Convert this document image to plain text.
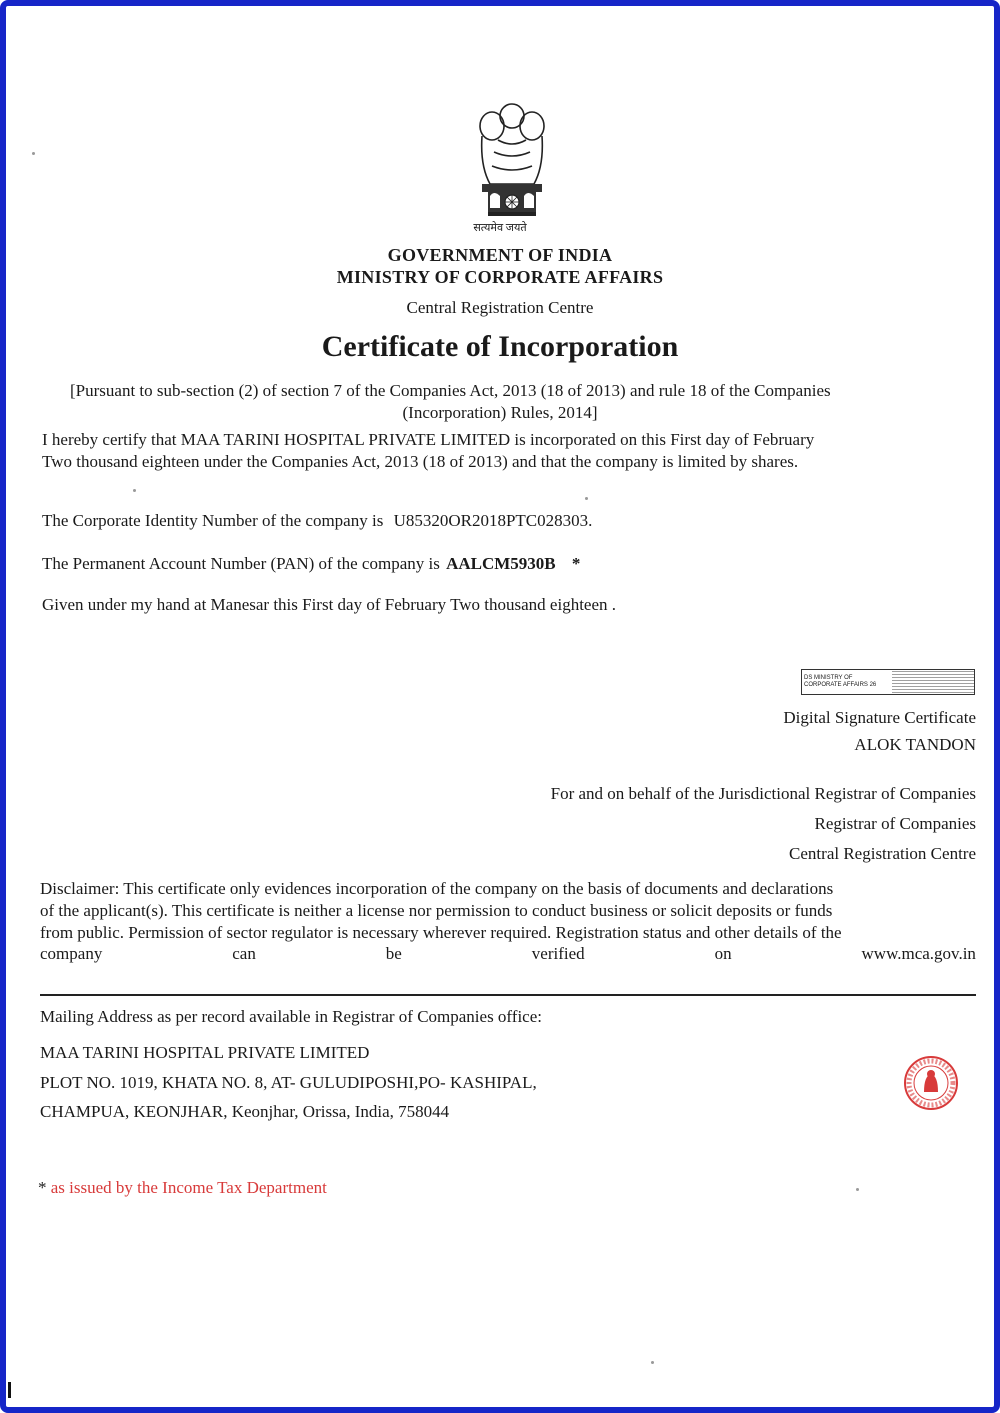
सत्यमेव जयते
GOVERNMENT OF INDIA
MINISTRY OF CORPORATE AFFAIRS
Central Registration Centre
Certificate of Incorporation
[Pursuant to sub-section (2) of section 7 of the Companies Act, 2013 (18 of 2013) and rule 18 of the Companies
(Incorporation) Rules, 2014]
I hereby certify that MAA TARINI HOSPITAL PRIVATE LIMITED is incorporated on this First day of February
Two thousand eighteen under the Companies Act, 2013 (18 of 2013) and that the company is limited by shares.
The Corporate Identity Number of the company is U85320OR2018PTC028303.
The Permanent Account Number (PAN) of the company is AALCM5930B *
Given under my hand at Manesar this First day of February Two thousand eighteen .
DS MINISTRY OF
CORPORATE AFFAIRS 26
Digital Signature Certificate
ALOK TANDON
For and on behalf of the Jurisdictional Registrar of Companies
Registrar of Companies
Central Registration Centre
Disclaimer: This certificate only evidences incorporation of the company on the basis of documents and declarations
of the applicant(s). This certificate is neither a license nor permission to conduct business or solicit deposits or funds
from public. Permission of sector regulator is necessary wherever required. Registration status and other details of the
company	can	be	verified	on	www.mca.gov.in
Mailing Address as per record available in Registrar of Companies office:
MAA TARINI HOSPITAL PRIVATE LIMITED
PLOT NO. 1019, KHATA NO. 8, AT- GULUDIPOSHI,PO- KASHIPAL,
CHAMPUA, KEONJHAR, Keonjhar, Orissa, India, 758044
* as issued by the Income Tax Department
